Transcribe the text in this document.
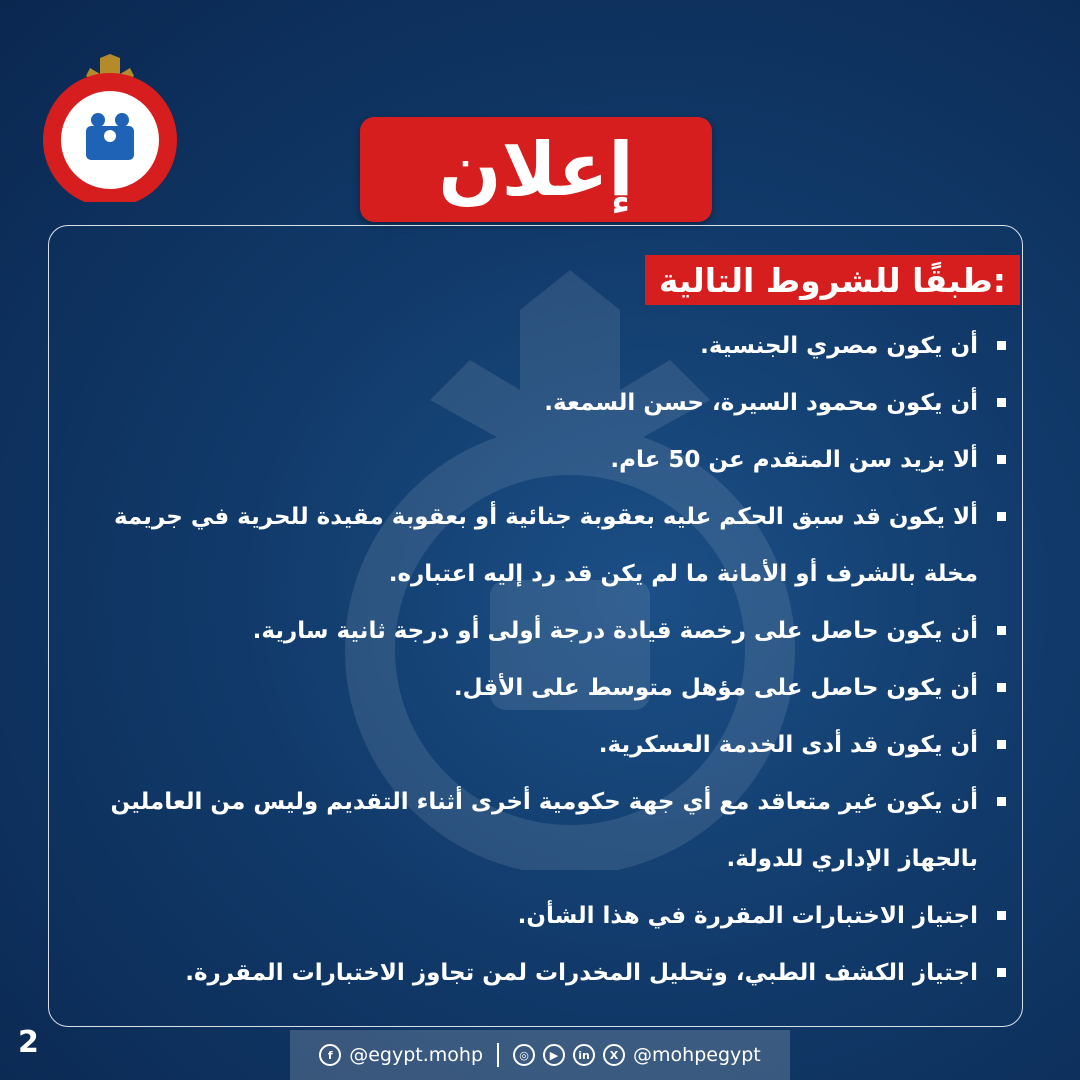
إعلان
طبقًا للشروط التالية:
أن يكون مصري الجنسية.
أن يكون محمود السيرة، حسن السمعة.
ألا يزيد سن المتقدم عن 50 عام.
ألا يكون قد سبق الحكم عليه بعقوبة جنائية أو بعقوبة مقيدة للحرية في جريمة مخلة بالشرف أو الأمانة ما لم يكن قد رد إليه اعتباره.
أن يكون حاصل على رخصة قيادة درجة أولى أو درجة ثانية سارية.
أن يكون حاصل على مؤهل متوسط على الأقل.
أن يكون قد أدى الخدمة العسكرية.
أن يكون غير متعاقد مع أي جهة حكومية أخرى أثناء التقديم وليس من العاملين بالجهاز الإداري للدولة.
اجتياز الاختبارات المقررة في هذا الشأن.
اجتياز الكشف الطبي، وتحليل المخدرات لمن تجاوز الاختبارات المقررة.
2	f @egypt.mohp	◎	▶	in	X @mohpegypt
